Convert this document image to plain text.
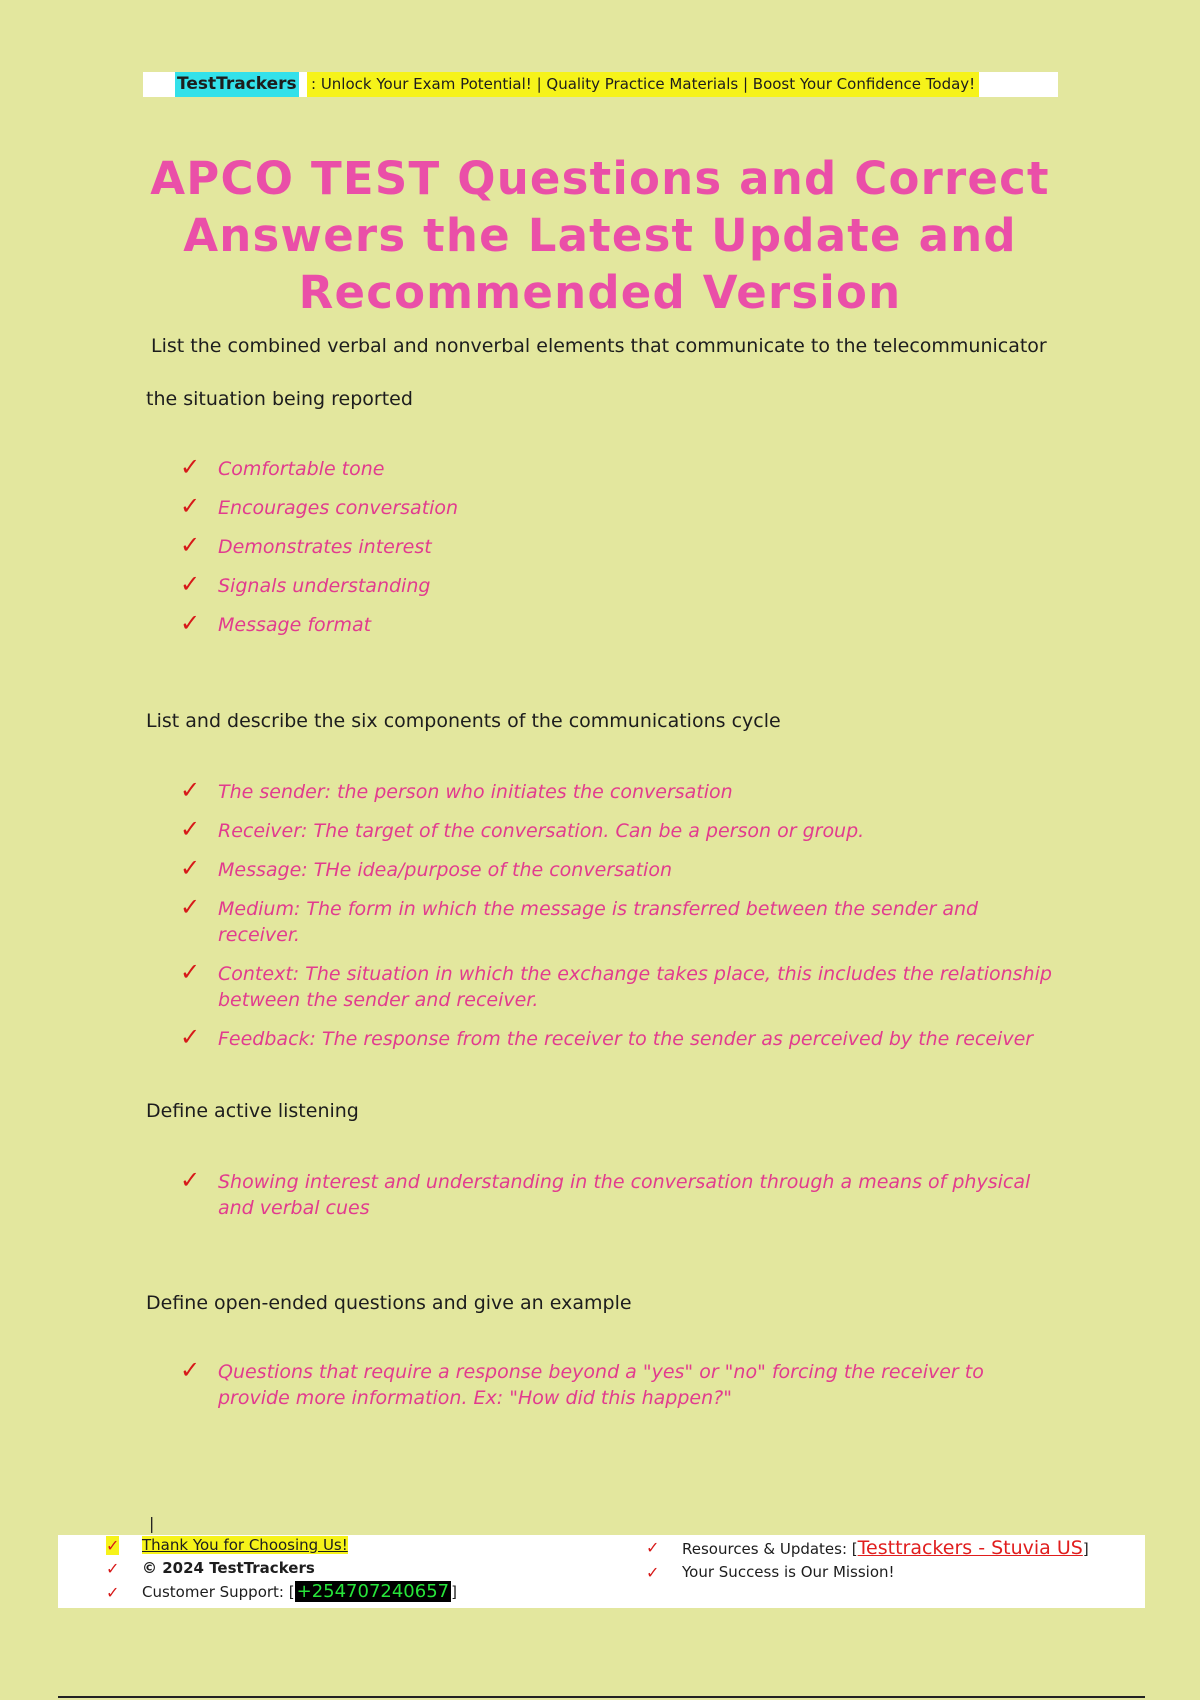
TestTrackers : Unlock Your Exam Potential! | Quality Practice Materials | Boost Your Confidence Today!
APCO TEST Questions and Correct Answers the Latest Update and Recommended Version
List the combined verbal and nonverbal elements that communicate to the telecommunicator
the situation being reported
✓ Comfortable tone
✓ Encourages conversation
✓ Demonstrates interest
✓ Signals understanding
✓ Message format
List and describe the six components of the communications cycle
✓ The sender: the person who initiates the conversation
✓ Receiver: The target of the conversation. Can be a person or group.
✓ Message: THe idea/purpose of the conversation
✓ Medium: The form in which the message is transferred between the sender and receiver.
✓ Context: The situation in which the exchange takes place, this includes the relationship between the sender and receiver.
✓ Feedback: The response from the receiver to the sender as perceived by the receiver
Define active listening
✓ Showing interest and understanding in the conversation through a means of physical and verbal cues
Define open-ended questions and give an example
✓ Questions that require a response beyond a "yes" or "no" forcing the receiver to provide more information. Ex: "How did this happen?"
|
✓ Thank You for Choosing Us!
✓ © 2024 TestTrackers
✓ Customer Support: [ +254707240657 ]
✓ Resources & Updates: [Testtrackers - Stuvia US]
✓ Your Success is Our Mission!
